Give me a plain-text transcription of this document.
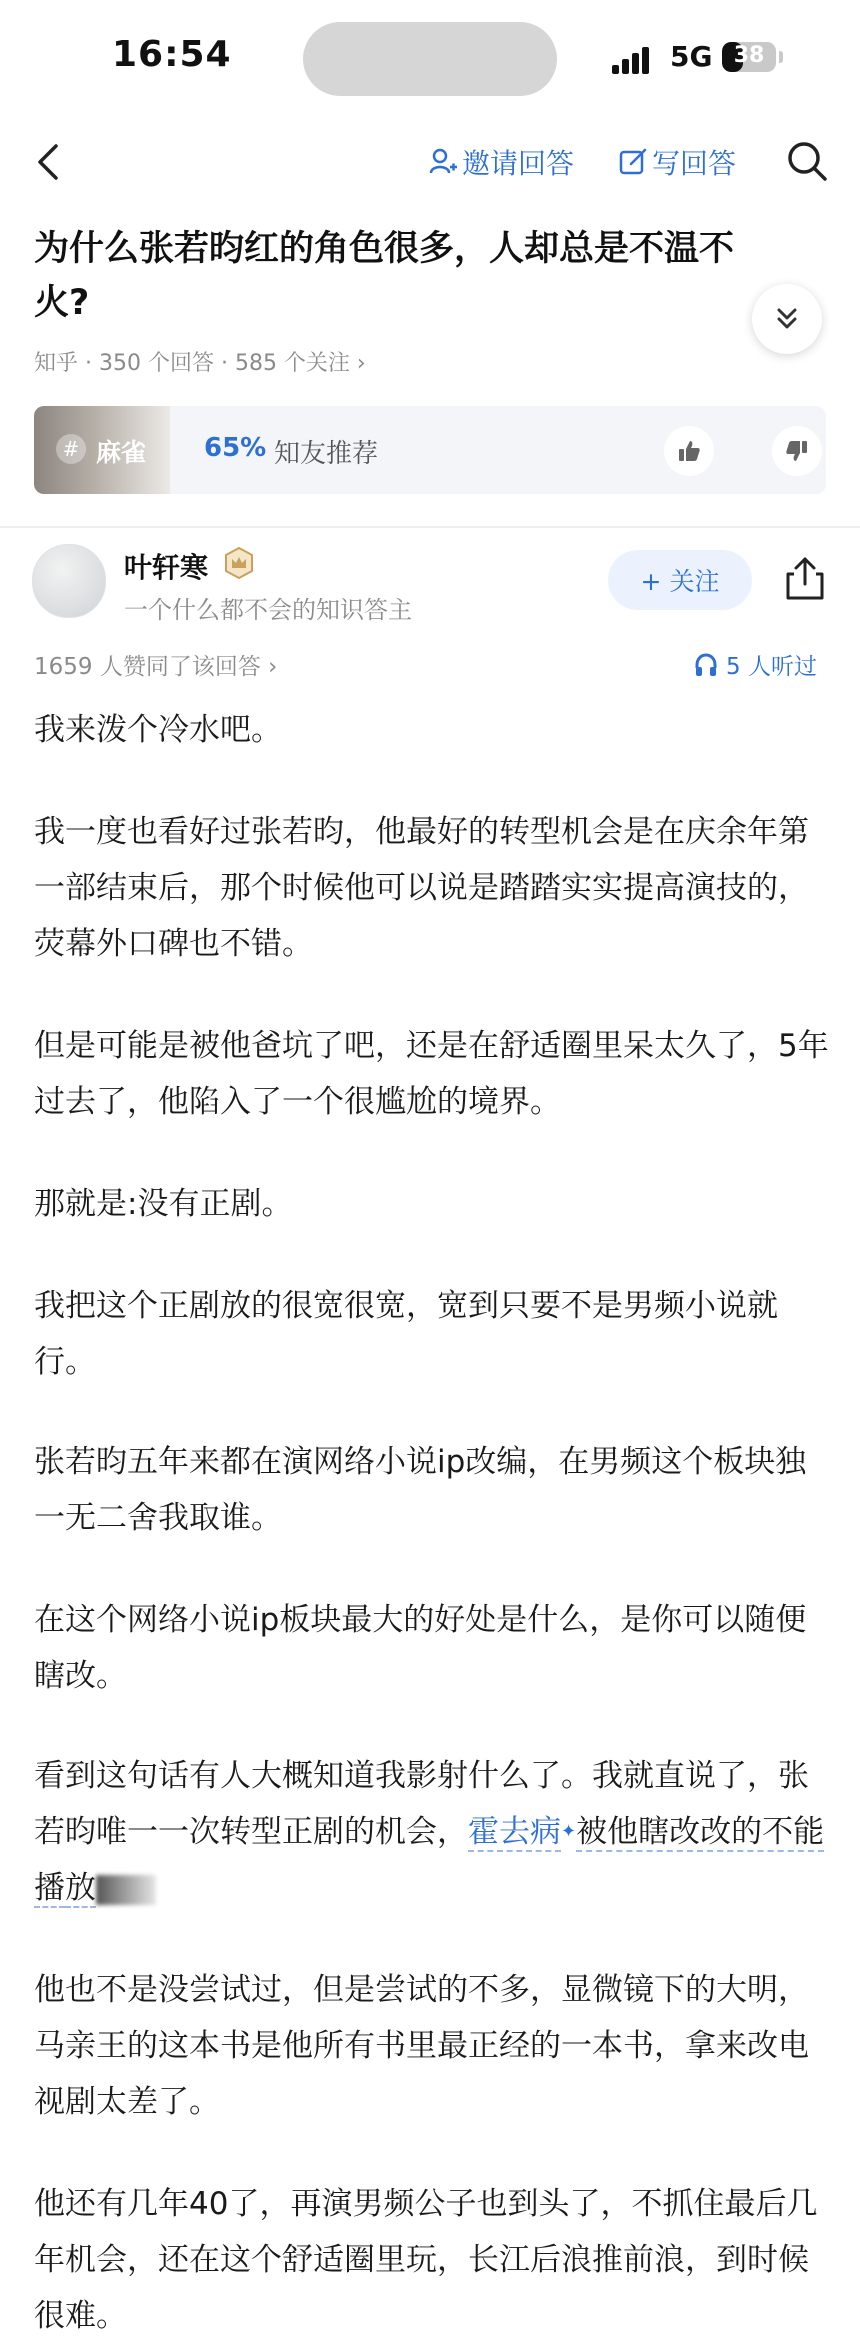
16:54	5G 38
邀请回答	写回答
为什么张若昀红的角色很多，人却总是不温不火?
知乎 · 350 个回答 · 585 个关注 ›
# 麻雀 65% 知友推荐
叶轩寒
一个什么都不会的知识答主
+ 关注
1659 人赞同了该回答 ›	5 人听过
我来泼个冷水吧。
我一度也看好过张若昀，他最好的转型机会是在庆余年第一部结束后，那个时候他可以说是踏踏实实提高演技的，荧幕外口碑也不错。
但是可能是被他爸坑了吧，还是在舒适圈里呆太久了，5年过去了，他陷入了一个很尴尬的境界。
那就是:没有正剧。
我把这个正剧放的很宽很宽，宽到只要不是男频小说就行。
张若昀五年来都在演网络小说ip改编，在男频这个板块独一无二舍我取谁。
在这个网络小说ip板块最大的好处是什么，是你可以随便瞎改。
看到这句话有人大概知道我影射什么了。我就直说了，张若昀唯一一次转型正剧的机会，霍去病✦被他瞎改改的不能播放
他也不是没尝试过，但是尝试的不多，显微镜下的大明，马亲王的这本书是他所有书里最正经的一本书，拿来改电视剧太差了。
他还有几年40了，再演男频公子也到头了，不抓住最后几年机会，还在这个舒适圈里玩，长江后浪推前浪，到时候很难。
